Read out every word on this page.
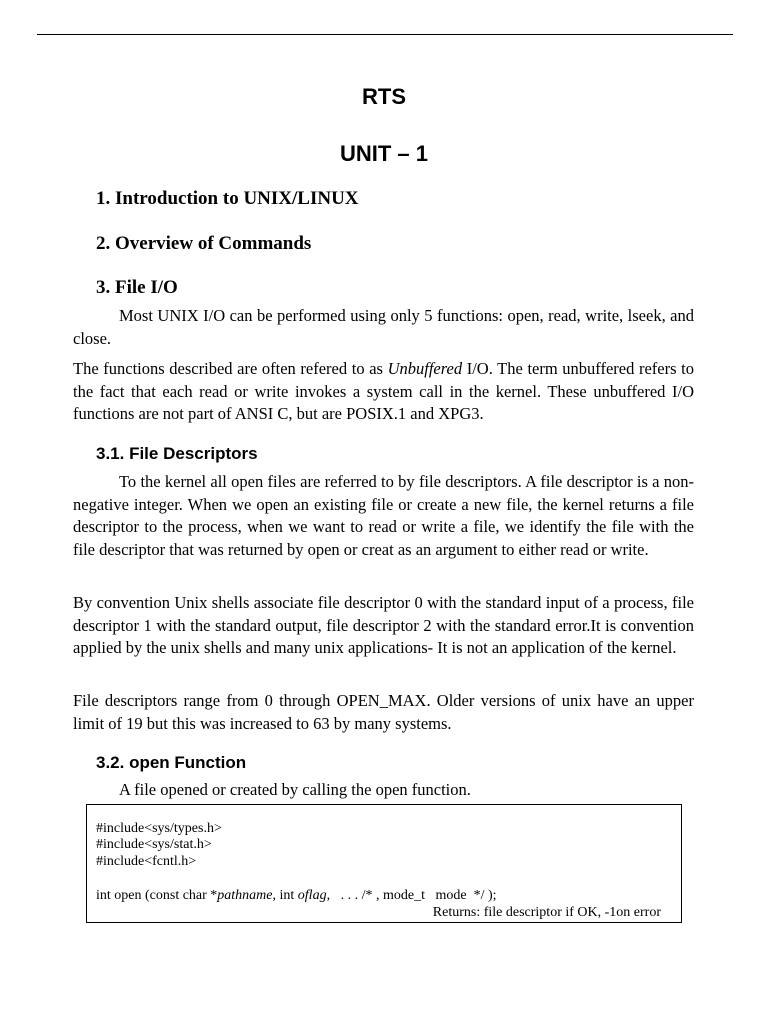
RTS
UNIT – 1
1. Introduction to UNIX/LINUX
2. Overview of Commands
3. File I/O

Most UNIX I/O can be performed using only 5 functions: open, read, write, lseek, and close.

The functions described are often refered to as Unbuffered I/O. The term unbuffered refers to the fact that each read or write invokes a system call in the kernel. These unbuffered I/O functions are not part of ANSI C, but are POSIX.1 and XPG3.

3.1. File Descriptors

To the kernel all open files are referred to by file descriptors. A file descriptor is a non-negative integer. When we open an existing file or create a new file, the kernel returns a file descriptor to the process, when we want to read or write a file, we identify the file with the file descriptor that was returned by open or creat as an argument to either read or write.

By convention Unix shells associate file descriptor 0 with the standard input of a process, file descriptor 1 with the standard output, file descriptor 2 with the standard error.It is convention applied by the unix shells and many unix applications- It is not an application of the kernel.

File descriptors range from 0 through OPEN_MAX. Older versions of unix have an upper limit of 19 but this was increased to 63 by many systems.

3.2. open Function

A file opened or created by calling the open function.

#include<sys/types.h>
#include<sys/stat.h>
#include<fcntl.h>
int open (const char *pathname, int oflag,   . . . /* , mode_t   mode  */ );
Returns: file descriptor if OK, -1on error
